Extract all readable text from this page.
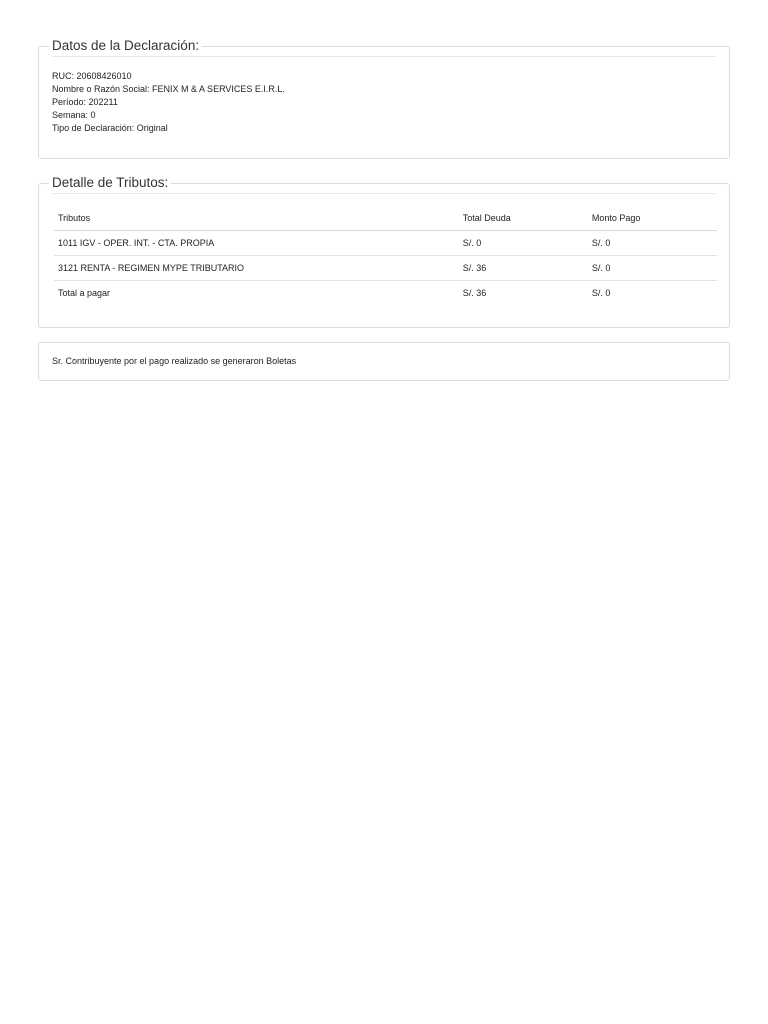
Datos de la Declaración:
RUC: 20608426010
Nombre o Razón Social: FENIX M & A SERVICES E.I.R.L.
Período: 202211
Semana: 0
Tipo de Declaración: Original
Detalle de Tributos:
Tributos	Total Deuda	Monto Pago
1011 IGV - OPER. INT. - CTA. PROPIA	S/. 0	S/. 0
3121 RENTA - REGIMEN MYPE TRIBUTARIO	S/. 36	S/. 0
Total a pagar	S/. 36	S/. 0
Sr. Contribuyente por el pago realizado se generaron Boletas
